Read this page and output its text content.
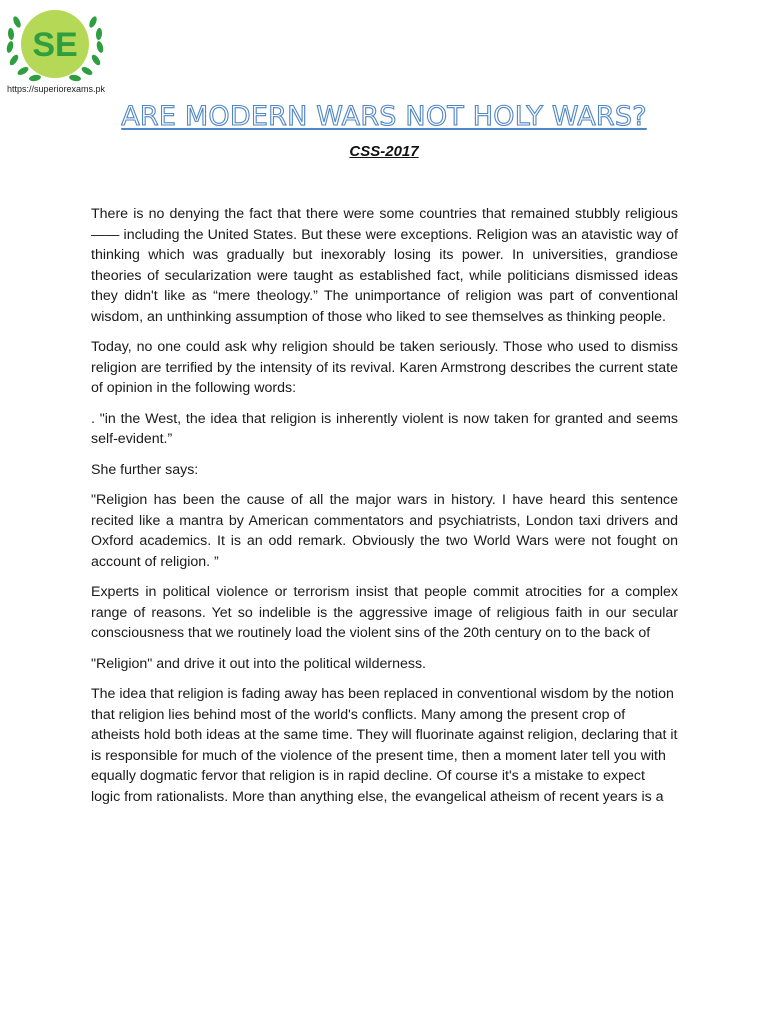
SE
https://superiorexams.pk
ARE MODERN WARS NOT HOLY WARS?
CSS-2017

There is no denying the fact that there were some countries that remained stubbly religious —— including the United States. But these were exceptions. Religion was an atavistic way of thinking which was gradually but inexorably losing its power. In universities, grandiose theories of secularization were taught as established fact, while politicians dismissed ideas they didn't like as “mere theology.” The unimportance of religion was part of conventional wisdom, an unthinking assumption of those who liked to see themselves as thinking people.

Today, no one could ask why religion should be taken seriously. Those who used to dismiss religion are terrified by the intensity of its revival. Karen Armstrong describes the current state of opinion in the following words:

. "in the West, the idea that religion is inherently violent is now taken for granted and seems self-evident.”

She further says:

"Religion has been the cause of all the major wars in history. I have heard this sentence recited like a mantra by American commentators and psychiatrists, London taxi drivers and Oxford academics. It is an odd remark. Obviously the two World Wars were not fought on account of religion. ”

Experts in political violence or terrorism insist that people commit atrocities for a complex range of reasons. Yet so indelible is the aggressive image of religious faith in our secular consciousness that we routinely load the violent sins of the 20th century on to the back of

"Religion" and drive it out into the political wilderness.

The idea that religion is fading away has been replaced in conventional wisdom by the notion that religion lies behind most of the world's conflicts. Many among the present crop of atheists hold both ideas at the same time. They will fluorinate against religion, declaring that it is responsible for much of the violence of the present time, then a moment later tell you with equally dogmatic fervor that religion is in rapid decline. Of course it's a mistake to expect logic from rationalists. More than anything else, the evangelical atheism of recent years is a
